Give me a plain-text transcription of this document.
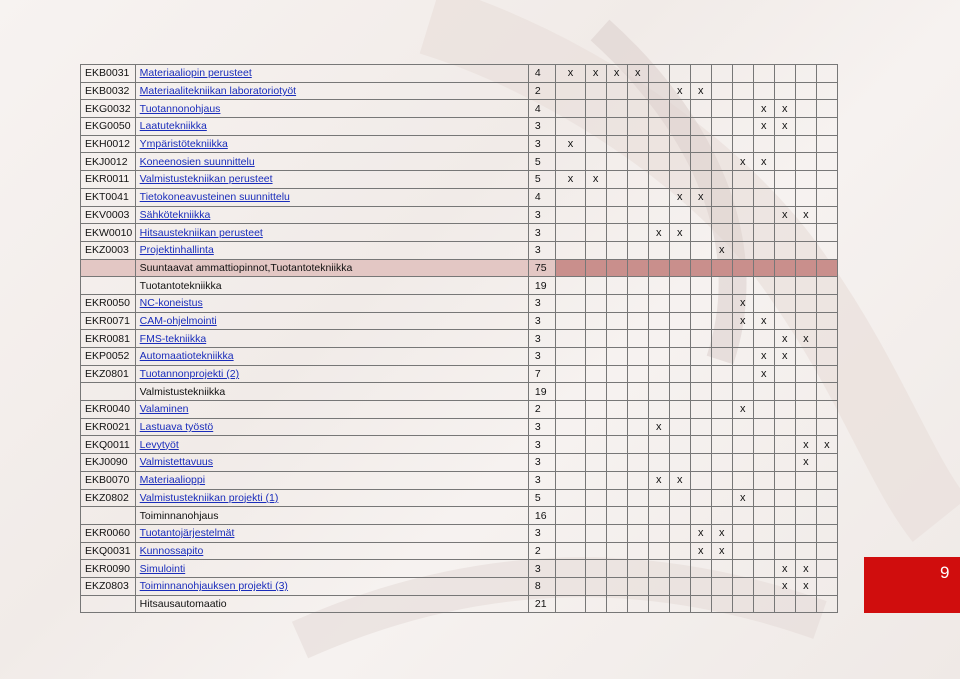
EKB0031	Materiaaliopin perusteet	4	x	x	x	x									
EKB0032	Materiaalitekniikan laboratoriotyöt	2						x	x						
EKG0032	Tuotannonohjaus	4										x	x		
EKG0050	Laatutekniikka	3										x	x		
EKH0012	Ympäristötekniikka	3	x												
EKJ0012	Koneenosien suunnittelu	5									x	x			
EKR0011	Valmistustekniikan perusteet	5	x	x											
EKT0041	Tietokoneavusteinen suunnittelu	4						x	x						
EKV0003	Sähkötekniikka	3											x	x	
EKW0010	Hitsaustekniikan perusteet	3					x	x							
EKZ0003	Projektinhallinta	3								x					
	Suuntaavat ammattiopinnot,Tuotantotekniikka	75													
	Tuotantotekniikka	19													
EKR0050	NC-koneistus	3									x				
EKR0071	CAM-ohjelmointi	3									x	x			
EKR0081	FMS-tekniikka	3											x	x	
EKP0052	Automaatiotekniikka	3										x	x		
EKZ0801	Tuotannonprojekti (2)	7										x			
	Valmistustekniikka	19													
EKR0040	Valaminen	2									x				
EKR0021	Lastuava työstö	3					x								
EKQ0011	Levytyöt	3												x	x
EKJ0090	Valmistettavuus	3												x	
EKB0070	Materiaalioppi	3					x	x							
EKZ0802	Valmistustekniikan projekti (1)	5									x				
	Toiminnanohjaus	16													
EKR0060	Tuotantojärjestelmät	3							x	x					
EKQ0031	Kunnossapito	2							x	x					
EKR0090	Simulointi	3											x	x	
EKZ0803	Toiminnanohjauksen projekti (3)	8											x	x	
	Hitsausautomaatio	21													
9
